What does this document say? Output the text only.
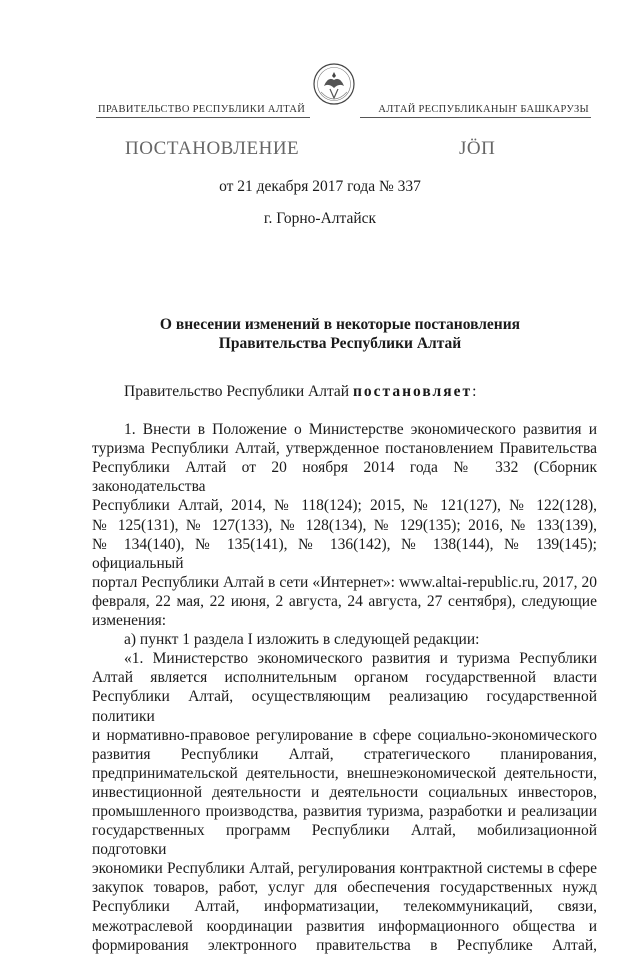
ПРАВИТЕЛЬСТВО РЕСПУБЛИКИ АЛТАЙ	АЛТАЙ РЕСПУБЛИКАНЫҤ БАШКАРУЗЫ
ПОСТАНОВЛЕНИЕ	ЈÖП
от 21 декабря 2017 года № 337
г. Горно-Алтайск
О внесении изменений в некоторые постановления Правительства Республики Алтай

Правительство Республики Алтай постановляет:

1. Внести в Положение о Министерстве экономического развития и

туризма Республики Алтай, утвержденное постановлением Правительства

Республики Алтай от 20 ноября 2014 года № 332 (Сборник законодательства

Республики Алтай, 2014, № 118(124); 2015, № 121(127), № 122(128),

№ 125(131), № 127(133), № 128(134), № 129(135); 2016, № 133(139),

№ 134(140), № 135(141), № 136(142), № 138(144), № 139(145); официальный

портал Республики Алтай в сети «Интернет»: www.altai-republic.ru, 2017, 20

февраля, 22 мая, 22 июня, 2 августа, 24 августа, 27 сентября), следующие

изменения:

а) пункт 1 раздела I изложить в следующей редакции:

«1. Министерство экономического развития и туризма Республики

Алтай является исполнительным органом государственной власти

Республики Алтай, осуществляющим реализацию государственной политики

и нормативно-правовое регулирование в сфере социально-экономического

развития Республики Алтай, стратегического планирования,

предпринимательской деятельности, внешнеэкономической деятельности,

инвестиционной деятельности и деятельности социальных инвесторов,

промышленного производства, развития туризма, разработки и реализации

государственных программ Республики Алтай, мобилизационной подготовки

экономики Республики Алтай, регулирования контрактной системы в сфере

закупок товаров, работ, услуг для обеспечения государственных нужд

Республики Алтай, информатизации, телекоммуникаций, связи,

межотраслевой координации развития информационного общества и

формирования электронного правительства в Республике Алтай,
